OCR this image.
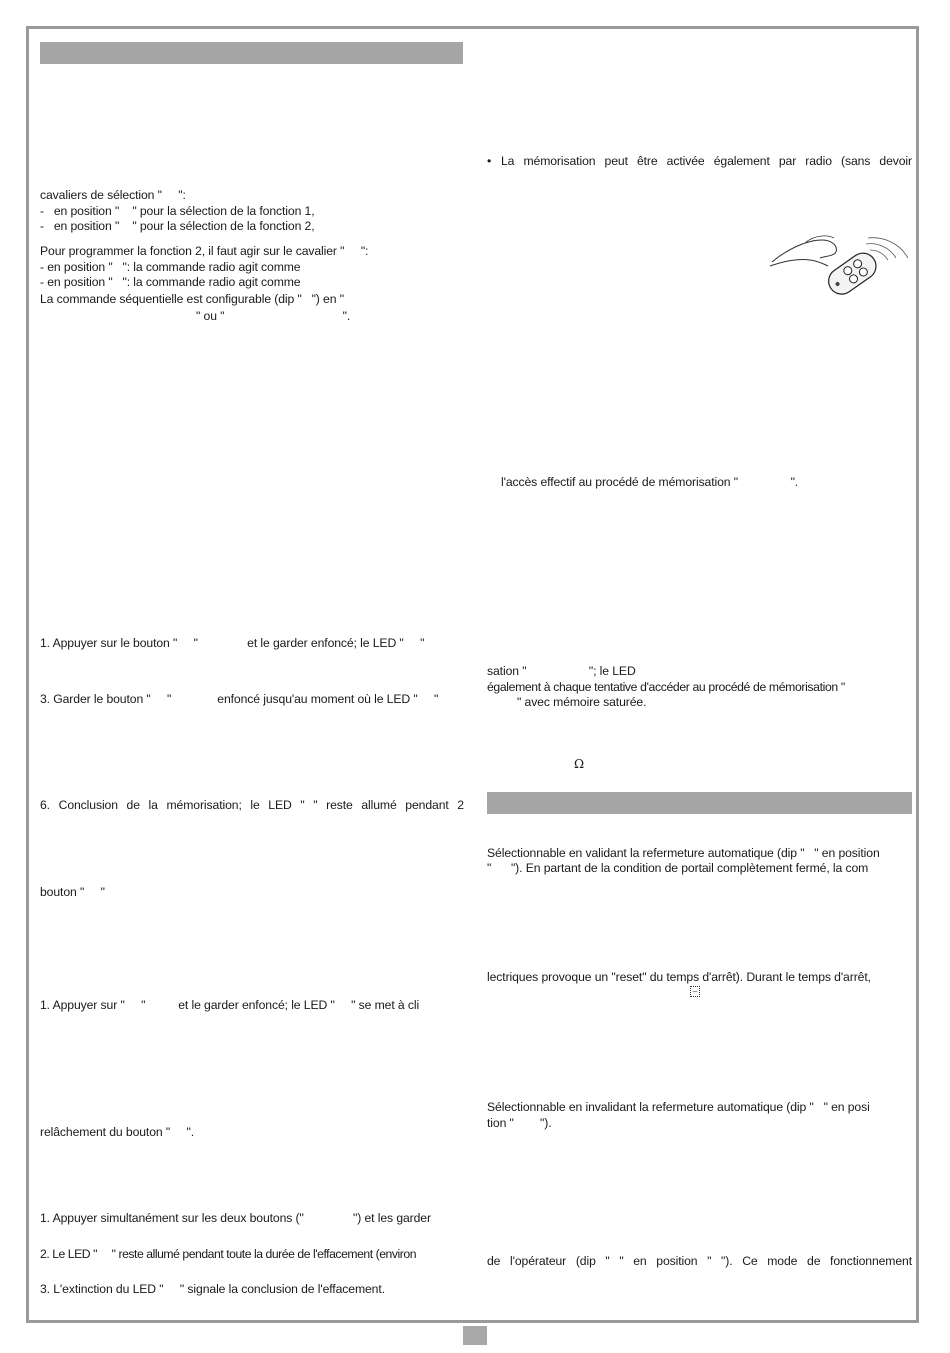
cavaliers de sélection "     ":
-   en position "    " pour la sélection de la fonction 1,
-   en position "    " pour la sélection de la fonction 2,
Pour programmer la fonction 2, il faut agir sur le cavalier "     ":
- en position "   ": la commande radio agit comme
- en position "   ": la commande radio agit comme
La commande séquentielle est configurable (dip "   ") en "
" ou "                                    ".
1. Appuyer sur le bouton "     "               et le garder enfoncé; le LED "     "
3. Garder le bouton "     "              enfoncé jusqu'au moment où le LED "     "
6. Conclusion de la mémorisation; le LED " " reste allumé pendant 2
bouton "     "
1. Appuyer sur "     "          et le garder enfoncé; le LED "     " se met à cli
relâchement du bouton "     ".
1. Appuyer simultanément sur les deux boutons ("               ") et les garder
2. Le LED "     " reste allumé pendant toute la durée de l'effacement (environ
3. L'extinction du LED "     " signale la conclusion de l'effacement.
• La mémorisation peut être activée également par radio (sans devoir
l'accès effectif au procédé de mémorisation "                ".
sation "                   "; le LED
également à chaque tentative d'accéder au procédé de mémorisation "
" avec mémoire saturée.
Ω
Sélectionnable en validant la refermeture automatique (dip "   " en position
"      "). En partant de la condition de portail complètement fermé, la com
lectriques provoque un "reset" du temps d'arrêt). Durant le temps d'arrêt,
–
Sélectionnable en invalidant la refermeture automatique (dip "   " en posi
tion "        ").
de l'opérateur (dip " " en position " "). Ce mode de fonctionnement
